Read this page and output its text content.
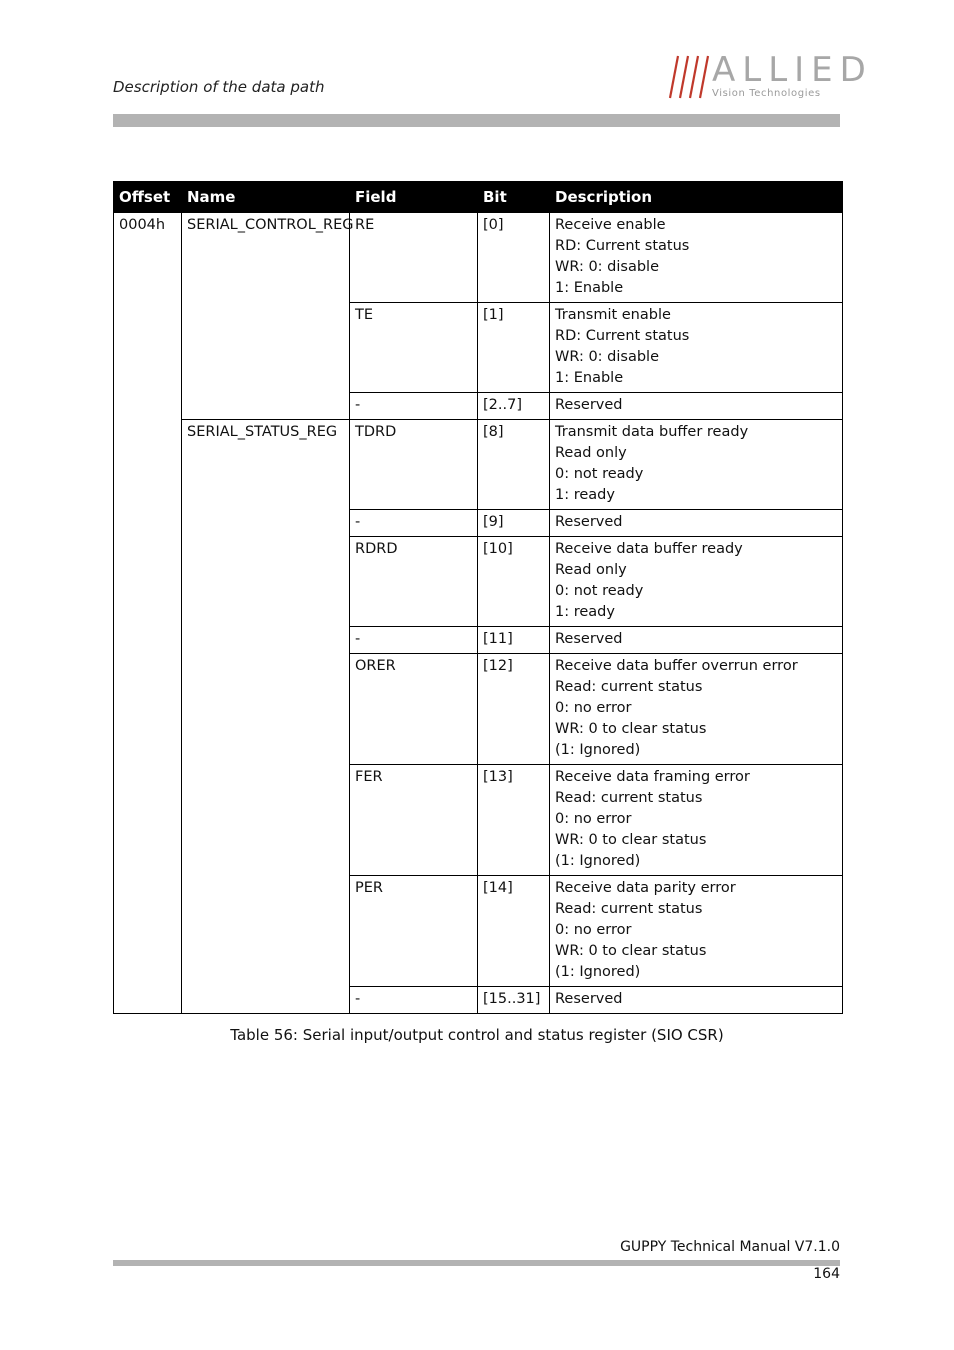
Description of the data path	ALLIED
Vision Technologies
Offset	Name	Field	Bit	Description
0004h	SERIAL_CONTROL_REG	RE	[0]	Receive enable
RD: Current status
WR: 0: disable
1: Enable

		TE	[1]	Transmit enable
RD: Current status
WR: 0: disable
1: Enable

		-	[2..7]	Reserved

	SERIAL_STATUS_REG	TDRD	[8]	Transmit data buffer ready
Read only
0: not ready
1: ready

		-	[9]	Reserved

		RDRD	[10]	Receive data buffer ready
Read only
0: not ready
1: ready

		-	[11]	Reserved

		ORER	[12]	Receive data buffer overrun error
Read: current status
0: no error
WR: 0 to clear status
(1: Ignored)

		FER	[13]	Receive data framing error
Read: current status
0: no error
WR: 0 to clear status
(1: Ignored)

		PER	[14]	Receive data parity error
Read: current status
0: no error
WR: 0 to clear status
(1: Ignored)

		-	[15..31]	Reserved
Table 56: Serial input/output control and status register (SIO CSR)
GUPPY Technical Manual V7.1.0
164
